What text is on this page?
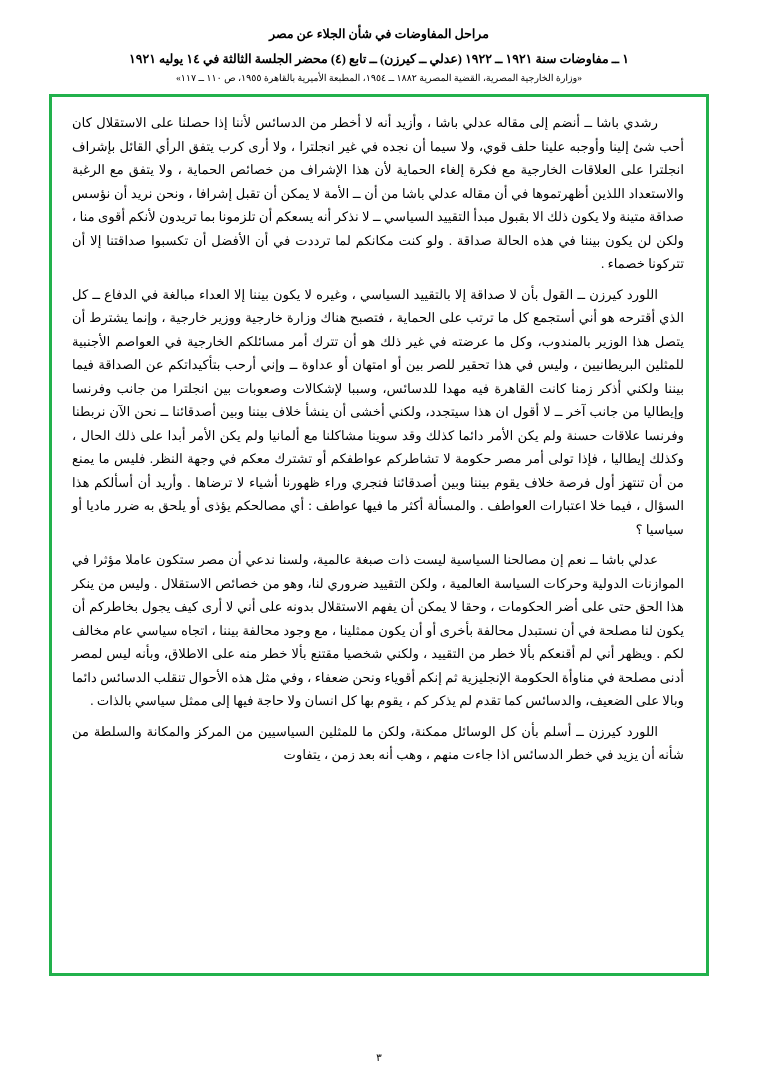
مراحل المفاوضات في شأن الجلاء عن مصر
١ ــ مفاوضات سنة ١٩٢١ ــ ١٩٢٢ (عدلي ــ كيرزن) ــ تابع (٤) محضر الجلسة الثالثة في ١٤ يوليه ١٩٢١
«وزارة الخارجية المصرية، القضية المصرية ١٨٨٢ ــ ١٩٥٤، المطبعة الأميرية بالقاهرة ١٩٥٥، ص ١١٠ ــ ١١٧»

رشدي باشا ــ أنضم إلى مقاله عدلي باشا ، وأزيد أنه لا أخطر من الدسائس لأننا إذا حصلنا على الاستقلال كان أحب شئ إلينا وأوجبه علينا حلف قوي، ولا سيما أن نجده في غير انجلترا ، ولا أرى كرب يتفق الرأي القائل بإشراف انجلترا على العلاقات الخارجية مع فكرة إلغاء الحماية لأن هذا الإشراف من خصائص الحماية ، ولا يتفق مع الرغبة والاستعداد اللذين أظهرتموها في أن مقاله عدلي باشا من أن ــ الأمة لا يمكن أن تقبل إشرافا ، ونحن نريد أن نؤسس صداقة متينة ولا يكون ذلك الا بقبول مبدأ التقييد السياسي ــ لا نذكر أنه يسعكم أن تلزمونا بما تريدون لأنكم أقوى منا ، ولكن لن يكون بيننا في هذه الحالة صداقة . ولو كنت مكانكم لما ترددت في أن الأفضل أن تكسبوا صداقتنا إلا أن تتركونا خصماء .

اللورد كيرزن ــ القول بأن لا صداقة إلا بالتقييد السياسي ، وغيره لا يكون بيننا إلا العداء مبالغة في الدفاع ــ كل الذي أقترحه هو أني أستجمع كل ما ترتب على الحماية ، فتصبح هناك وزارة خارجية ووزير خارجية ، وإنما يشترط أن يتصل هذا الوزير بالمندوب، وكل ما عرضته في غير ذلك هو أن تترك أمر مسائلكم الخارجية في العواصم الأجنبية للمثلين البريطانيين ، وليس في هذا تحقير للصر بين أو امتهان أو عداوة ــ وإني أرحب بتأكيداتكم عن الصداقة فيما بيننا ولكني أذكر زمنا كانت القاهرة فيه مهدا للدسائس، وسببا لإشكالات وصعوبات بين انجلترا من جانب وفرنسا وإيطاليا من جانب آخر ــ لا أقول ان هذا سيتجدد، ولكني أخشى أن ينشأ خلاف بيننا وبين أصدقائنا ــ نحن الآن نربطنا وفرنسا علاقات حسنة ولم يكن الأمر دائما كذلك وقد سوينا مشاكلنا مع ألمانيا ولم يكن الأمر أبدا على ذلك الحال ، وكذلك إيطاليا ، فإذا تولى أمر مصر حكومة لا تشاطركم عواطفكم أو تشترك معكم في وجهة النظر. فليس ما يمنع من أن تنتهز أول فرصة خلاف يقوم بيننا وبين أصدقائنا فنجري وراء ظهورنا أشياء لا ترضاها . وأريد أن أسألكم هذا السؤال ، فيما خلا اعتبارات العواطف . والمسألة أكثر ما فيها عواطف : أي مصالحكم يؤذى أو يلحق به ضرر ماديا أو سياسيا ؟

عدلي باشا ــ نعم إن مصالحنا السياسية ليست ذات صبغة عالمية، ولسنا ندعي أن مصر ستكون عاملا مؤثرا في الموازنات الدولية وحركات السياسة العالمية ، ولكن التقييد ضروري لنا، وهو من خصائص الاستقلال . وليس من ينكر هذا الحق حتى على أضر الحكومات ، وحقا لا يمكن أن يفهم الاستقلال بدونه على أني لا أرى كيف يجول بخاطركم أن يكون لنا مصلحة في أن نستبدل محالفة بأخرى أو أن يكون ممثلينا ، مع وجود محالفة بيننا ، اتجاه سياسي عام مخالف لكم . ويظهر أني لم أقنعكم بألا خطر من التقييد ، ولكني شخصيا مقتنع بألا خطر منه على الاطلاق، وبأنه ليس لمصر أدنى مصلحة في مناوأة الحكومة الإنجليزية ثم إنكم أقوياء ونحن ضعفاء ، وفي مثل هذه الأحوال تنقلب الدسائس دائما وبالا على الضعيف، والدسائس كما تقدم لم يذكر كم ، يقوم بها كل انسان ولا حاجة فيها إلى ممثل سياسي بالذات .

اللورد كيرزن ــ أسلم بأن كل الوسائل ممكنة، ولكن ما للمثلين السياسيين من المركز والمكانة والسلطة من شأنه أن يزيد في خطر الدسائس اذا جاءت منهم ، وهب أنه بعد زمن ، يتفاوت

٣
